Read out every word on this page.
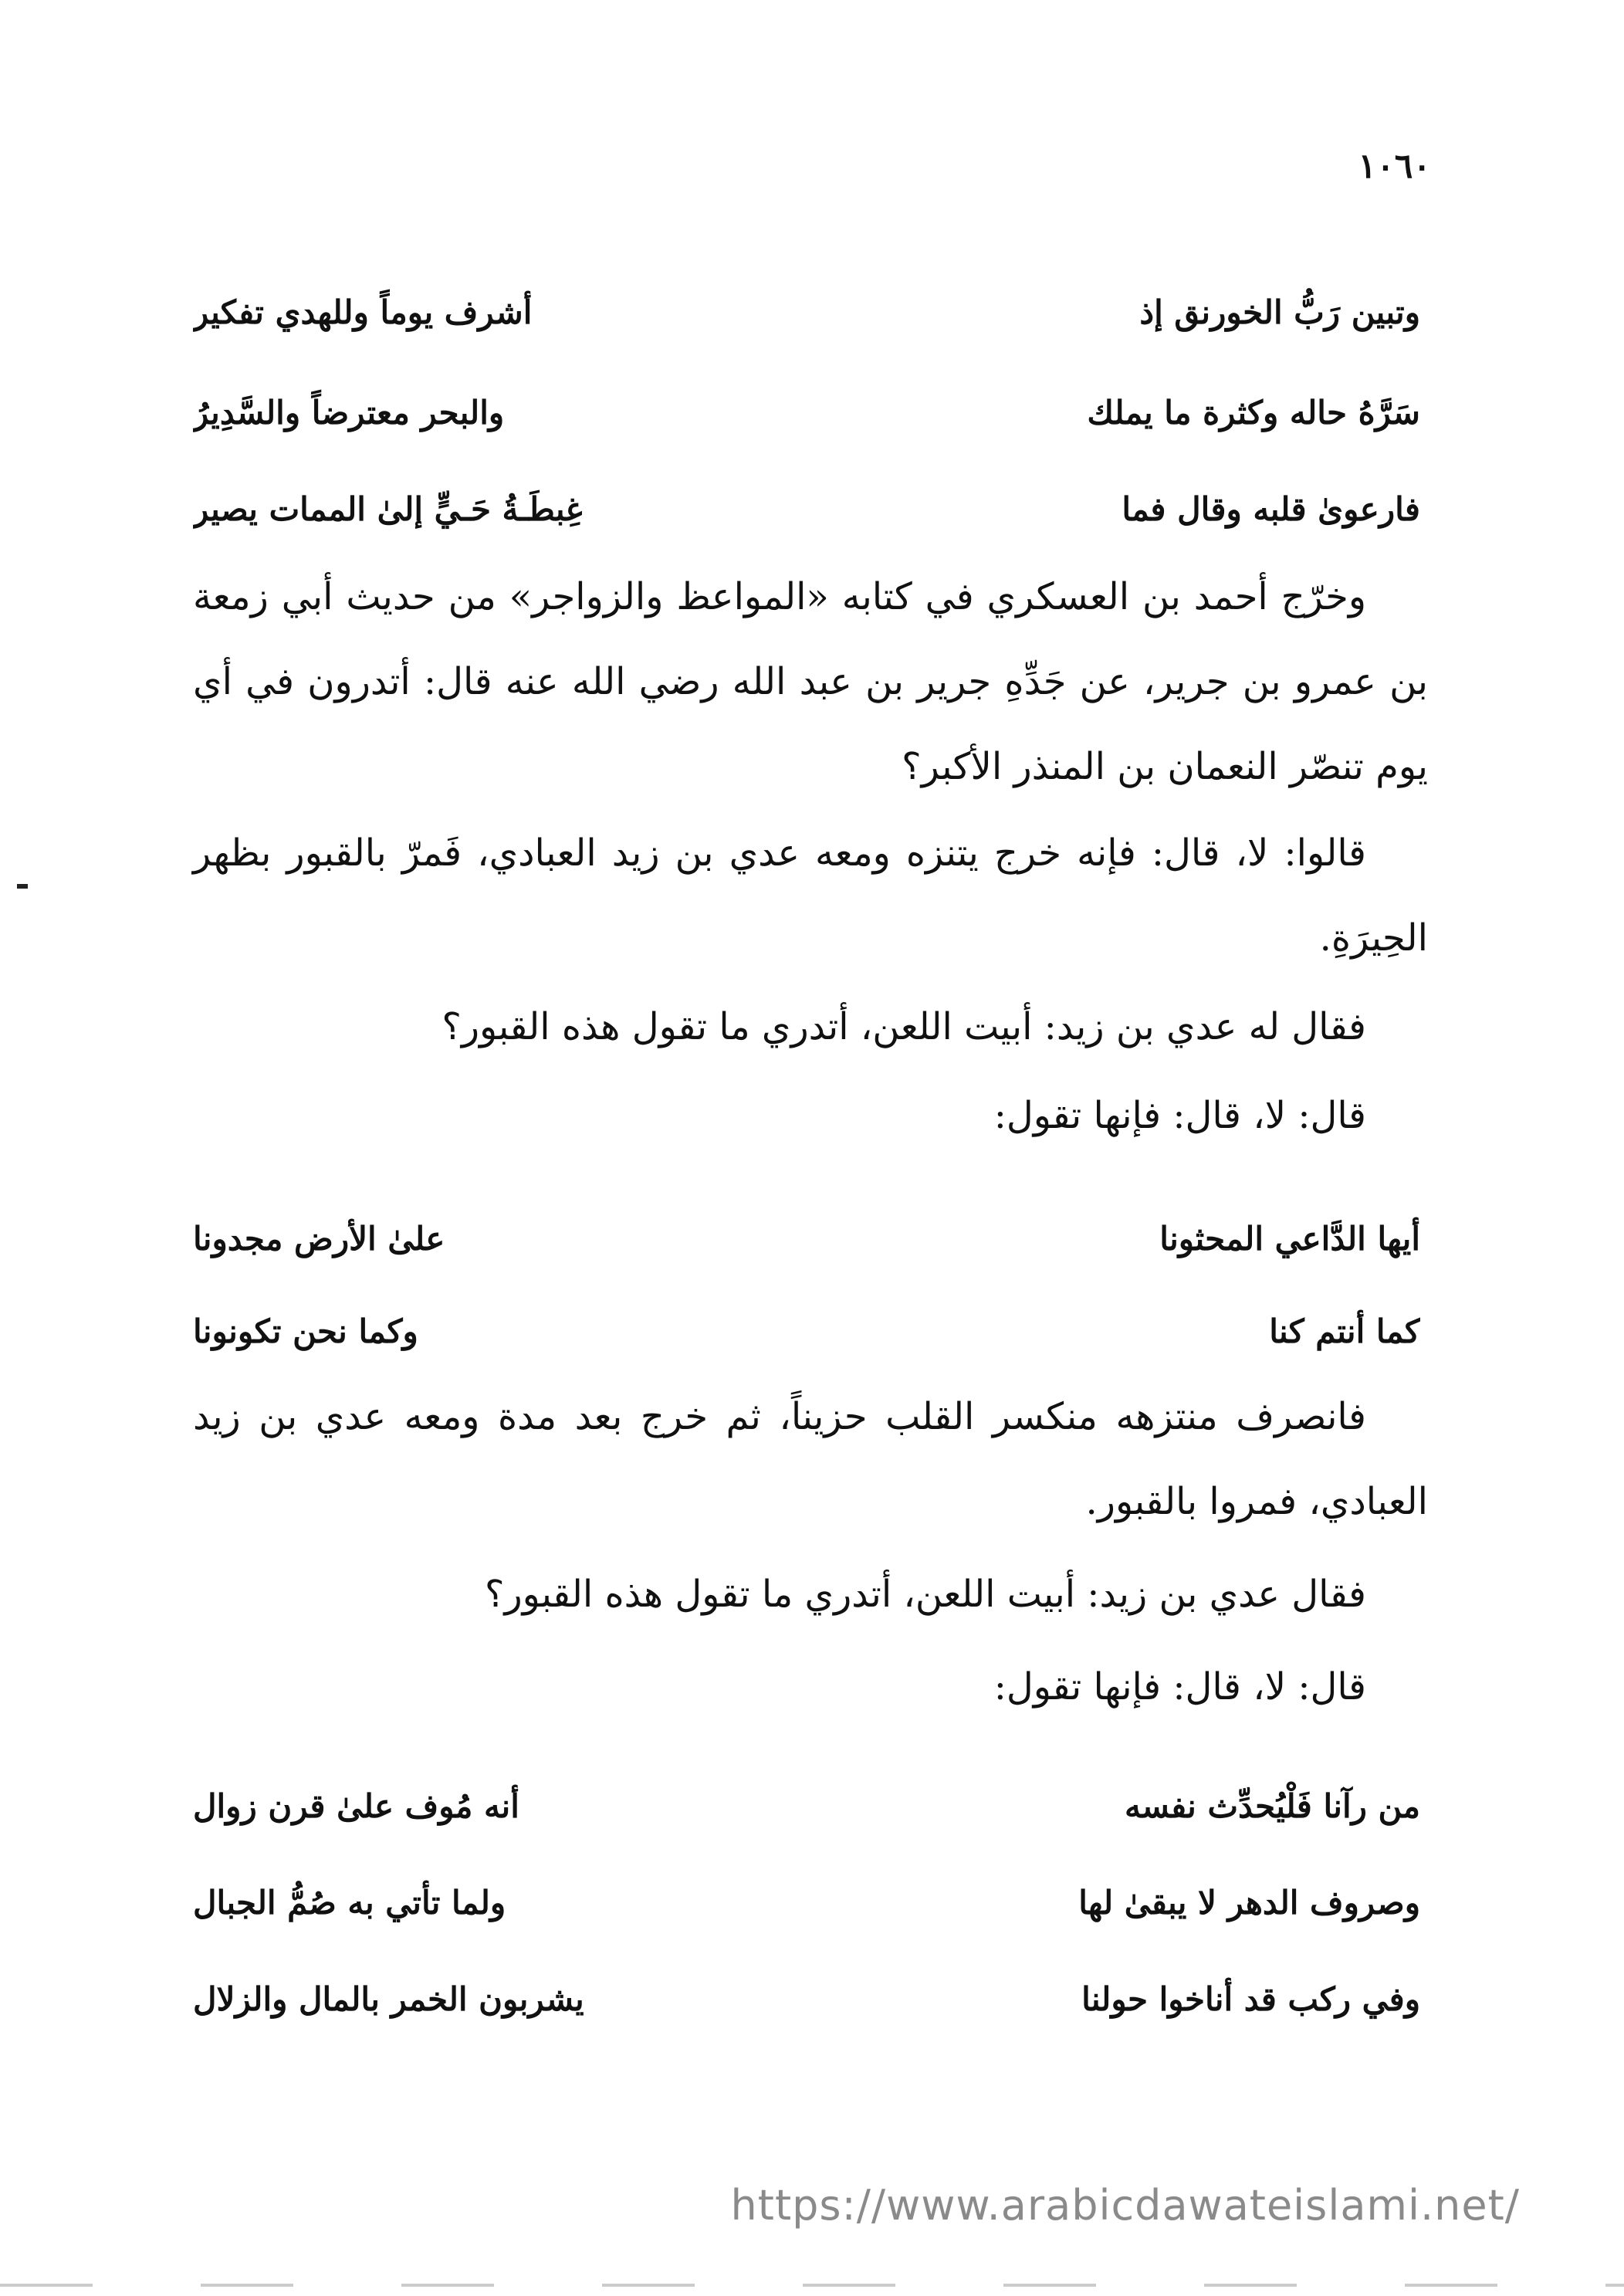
١٠٦٠
وتبين رَبُّ الخورنق إذ
أشرف يوماً وللهدي تفكير
سَرَّهُ حاله وكثرة ما يملك
والبحر معترضاً والسَّدِيرُ
فارعوىٰ قلبه وقال فما
غِبطَـةُ حَـيٍّ إلىٰ الممات يصير

وخرّج أحمد بن العسكري في كتابه «المواعظ والزواجر» من حديث أبي زمعة بن عمرو بن جرير، عن جَدِّهِ جرير بن عبد الله رضي الله عنه قال: أتدرون في أي يوم تنصّر النعمان بن المنذر الأكبر؟

قالوا: لا، قال: فإنه خرج يتنزه ومعه عدي بن زيد العبادي، فَمرّ بالقبور بظهر الحِيرَةِ.

فقال له عدي بن زيد: أبيت اللعن، أتدري ما تقول هذه القبور؟

قال: لا، قال: فإنها تقول:

أيها الدَّاعي المحثونا
علىٰ الأرض مجدونا
كما أنتم كنا
وكما نحن تكونونا

فانصرف منتزهه منكسر القلب حزيناً، ثم خرج بعد مدة ومعه عدي بن زيد العبادي، فمروا بالقبور.

فقال عدي بن زيد: أبيت اللعن، أتدري ما تقول هذه القبور؟

قال: لا، قال: فإنها تقول:

من رآنا فَلْيُحدِّث نفسه
أنه مُوف علىٰ قرن زوال
وصروف الدهر لا يبقىٰ لها
ولما تأتي به صُمُّ الجبال
وفي ركب قد أناخوا حولنا
يشربون الخمر بالمال والزلال
https://www.arabicdawateislami.net/
